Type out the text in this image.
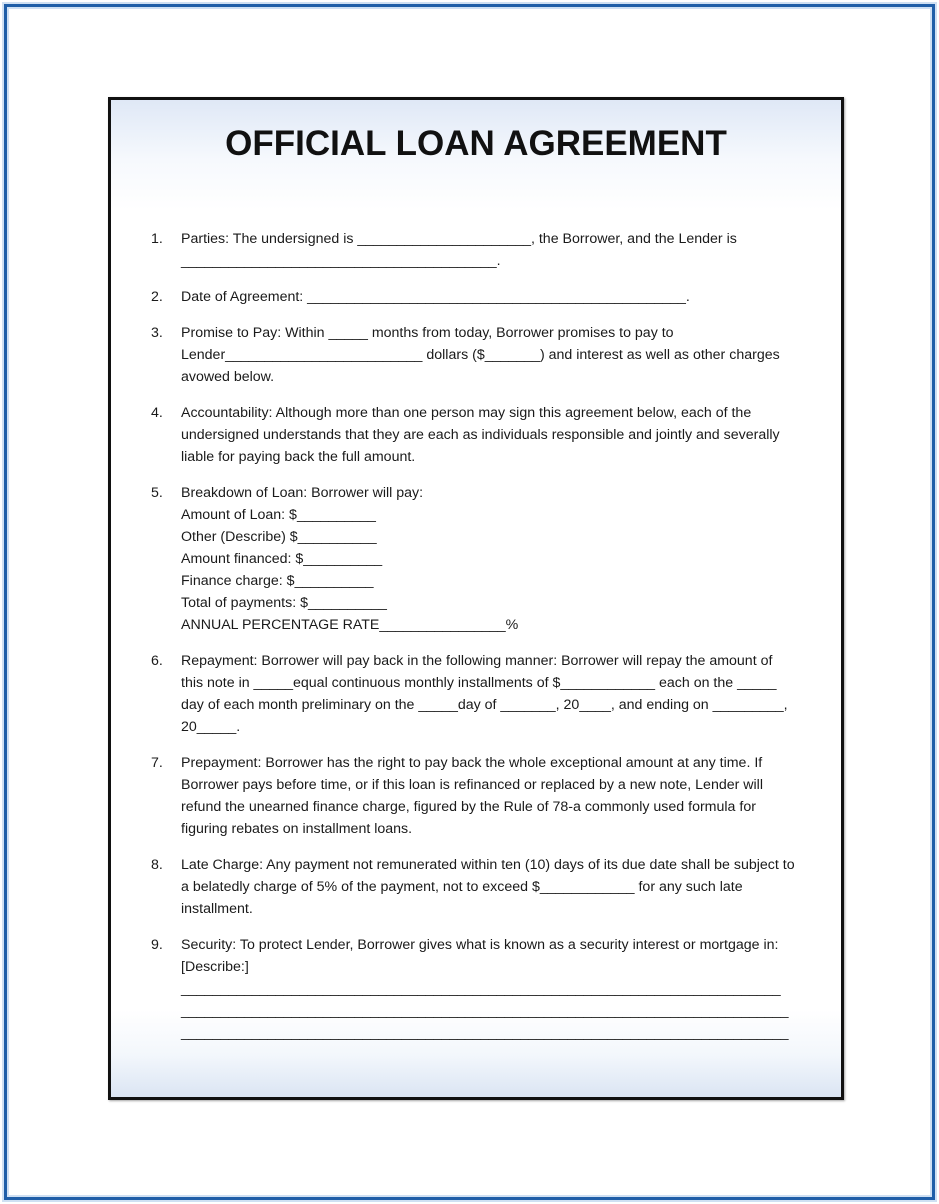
OFFICIAL LOAN AGREEMENT
1.	Parties: The undersigned is ______________________, the Borrower, and the Lender is
________________________________________.
2.	Date of Agreement: ________________________________________________.
3.	Promise to Pay: Within _____ months from today, Borrower promises to pay to
Lender_________________________ dollars ($_______) and interest as well as other charges
avowed below.
4.	Accountability: Although more than one person may sign this agreement below, each of the
undersigned understands that they are each as individuals responsible and jointly and severally
liable for paying back the full amount.
5.	Breakdown of Loan: Borrower will pay:
Amount of Loan: $__________
Other (Describe) $__________
Amount financed: $__________
Finance charge: $__________
Total of payments: $__________
ANNUAL PERCENTAGE RATE________________%
6.	Repayment: Borrower will pay back in the following manner: Borrower will repay the amount of
this note in _____equal continuous monthly installments of $____________ each on the _____
day of each month preliminary on the _____day of _______, 20____, and ending on _________,
20_____.
7.	Prepayment: Borrower has the right to pay back the whole exceptional amount at any time. If
Borrower pays before time, or if this loan is refinanced or replaced by a new note, Lender will
refund the unearned finance charge, figured by the Rule of 78-a commonly used formula for
figuring rebates on installment loans.
8.	Late Charge: Any payment not remunerated within ten (10) days of its due date shall be subject to
a belatedly charge of 5% of the payment, not to exceed $____________ for any such late
installment.
9.	Security: To protect Lender, Borrower gives what is known as a security interest or mortgage in:
[Describe:]
____________________________________________________________________________
_____________________________________________________________________________
_____________________________________________________________________________
